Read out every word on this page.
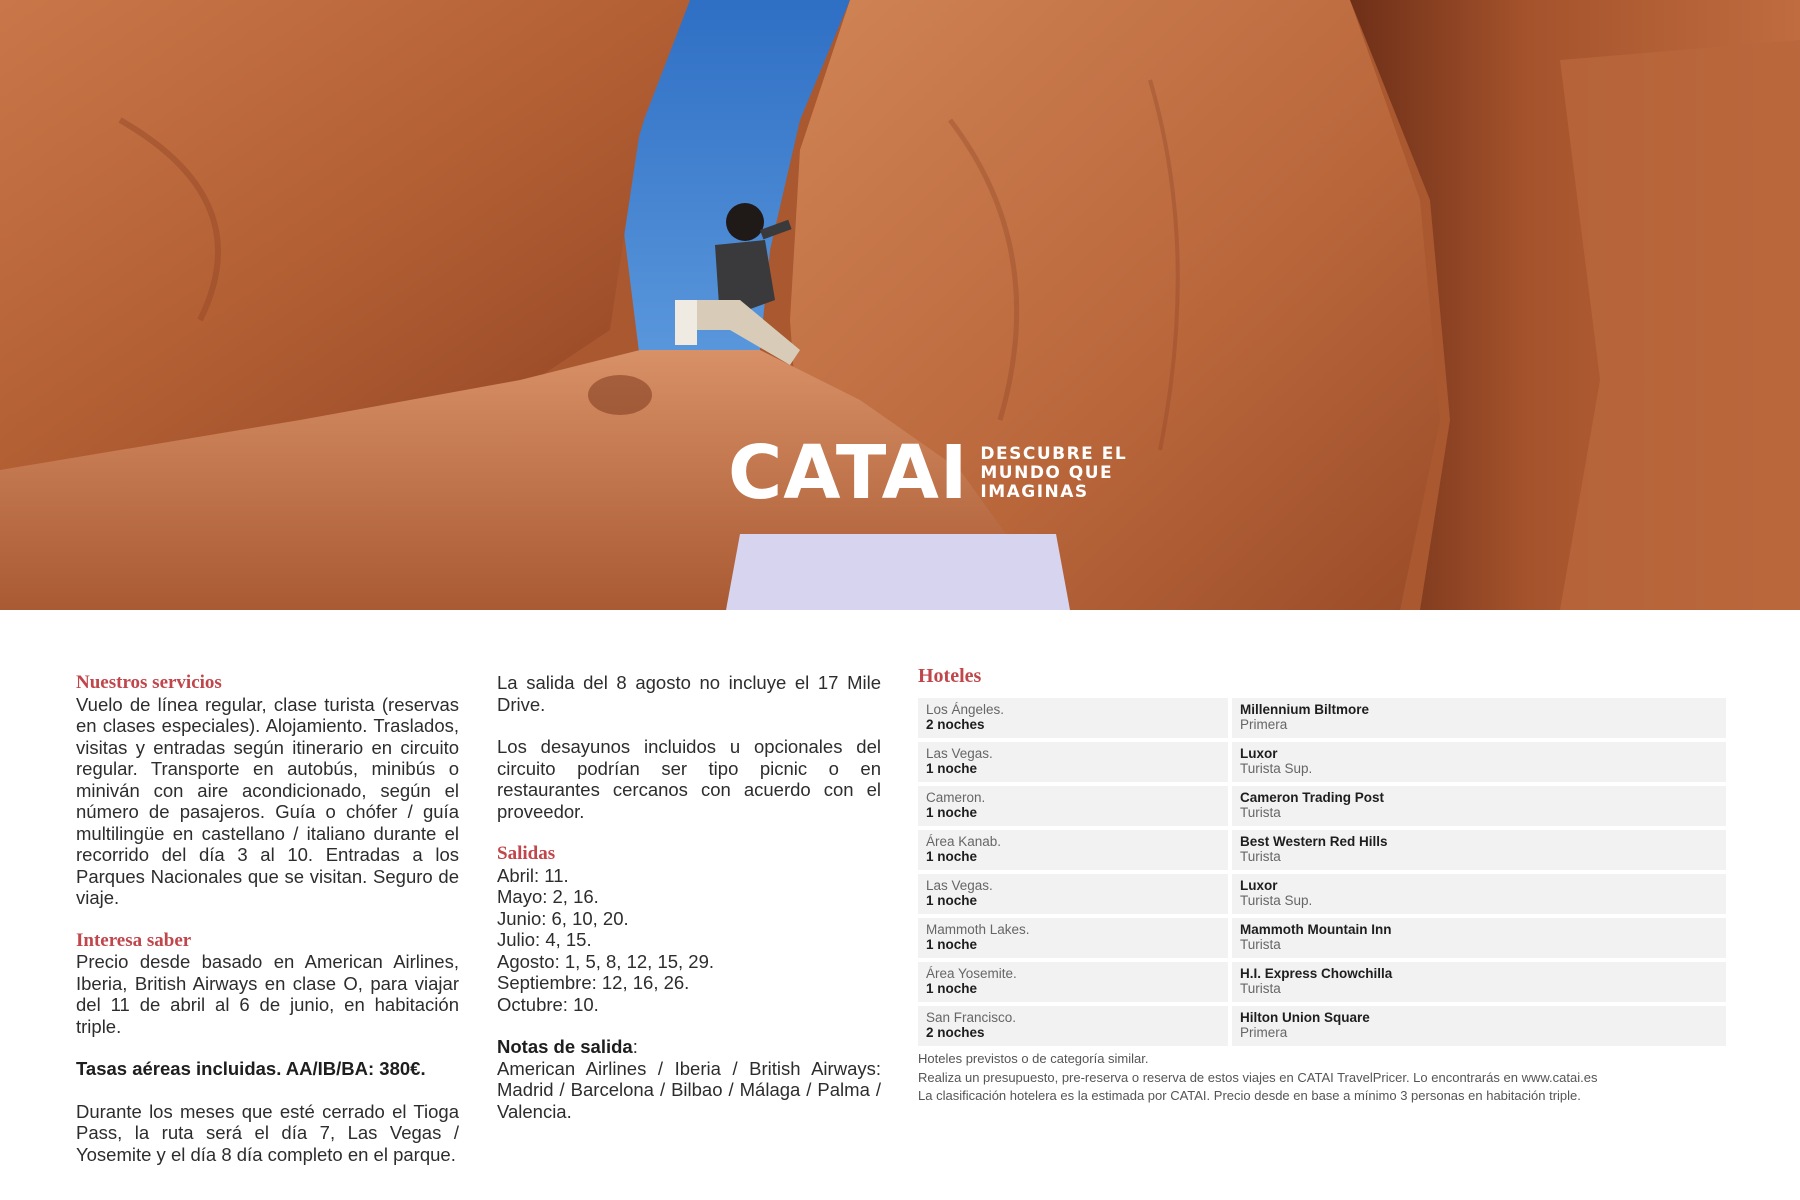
CATAI DESCUBRE EL
MUNDO QUE
IMAGINAS
Nuestros servicios

Vuelo de línea regular, clase turista (reservas en clases especiales). Alojamiento. Traslados, visitas y entradas según itinerario en circuito regular. Transporte en autobús, minibús o miniván con aire acondicionado, según el número de pasajeros. Guía o chófer / guía multilingüe en castellano / italiano durante el recorrido del día 3 al 10. Entradas a los Parques Nacionales que se visitan. Seguro de viaje.

Interesa saber

Precio desde basado en American Airlines, Iberia, British Airways en clase O, para viajar del 11 de abril al 6 de junio, en habitación triple.

Tasas aéreas incluidas. AA/IB/BA: 380€.

Durante los meses que esté cerrado el Tioga Pass, la ruta será el día 7, Las Vegas / Yosemite y el día 8 día completo en el parque.

La salida del 8 agosto no incluye el 17 Mile Drive.

Los desayunos incluidos u opcionales del circuito podrían ser tipo picnic o en restaurantes cercanos con acuerdo con el proveedor.

Salidas
Abril: 11.
Mayo: 2, 16.
Junio: 6, 10, 20.
Julio: 4, 15.
Agosto: 1, 5, 8, 12, 15, 29.
Septiembre: 12, 16, 26.
Octubre: 10.
Notas de salida:

American Airlines / Iberia / British Airways: Madrid / Barcelona / Bilbao / Málaga / Palma / Valencia.

Hoteles
Los Ángeles.
2 noches
Millennium Biltmore
Primera
Las Vegas.
1 noche
Luxor
Turista Sup.
Cameron.
1 noche
Cameron Trading Post
Turista
Área Kanab.
1 noche
Best Western Red Hills
Turista
Las Vegas.
1 noche
Luxor
Turista Sup.
Mammoth Lakes.
1 noche
Mammoth Mountain Inn
Turista
Área Yosemite.
1 noche
H.I. Express Chowchilla
Turista
San Francisco.
2 noches
Hilton Union Square
Primera
Hoteles previstos o de categoría similar.
Realiza un presupuesto, pre-reserva o reserva de estos viajes en CATAI TravelPricer. Lo encontrarás en www.catai.es
La clasificación hotelera es la estimada por CATAI. Precio desde en base a mínimo 3 personas en habitación triple.
